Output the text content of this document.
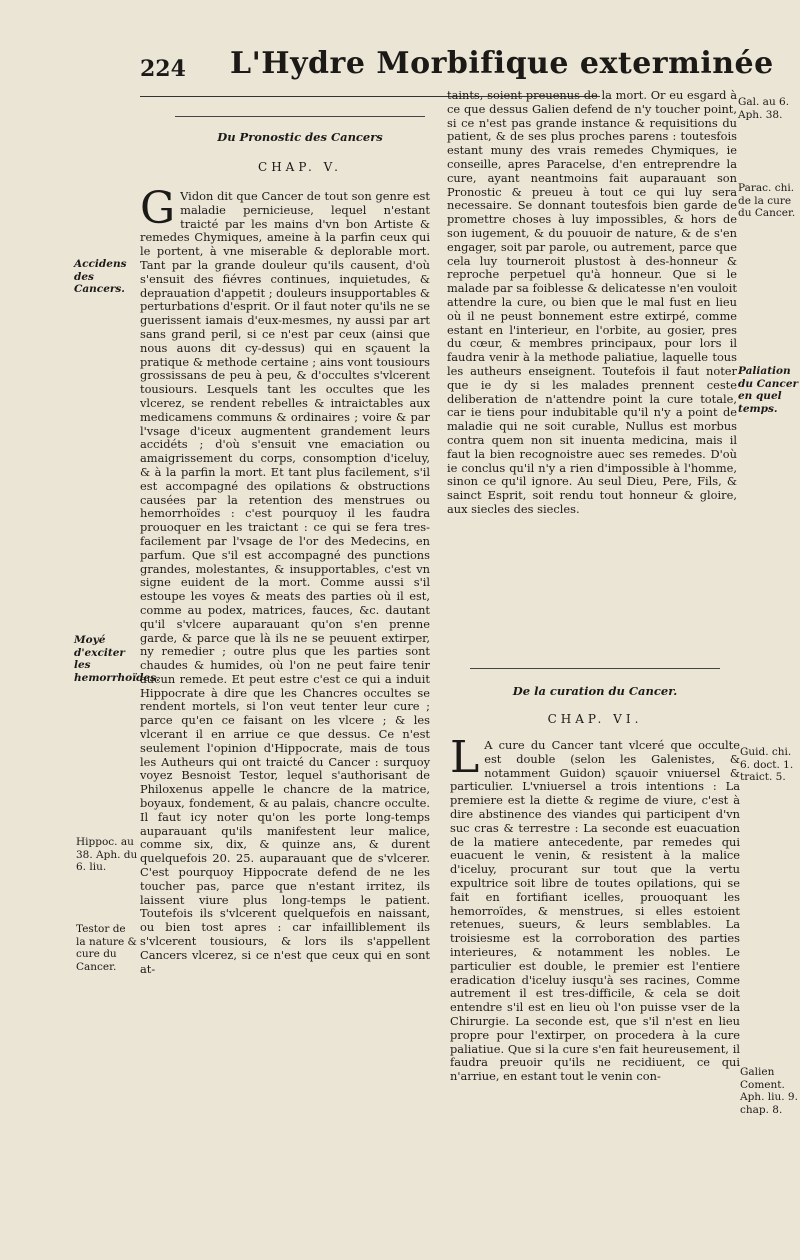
224 L'Hydre Morbifique exterminée
Du Pronostic des Cancers
CHAP. V.

G Vidon dit que Cancer de tout son genre est maladie pernicieuse, lequel n'estant traicté par les mains d'vn bon Artiste & remedes Chymiques, ameine à la parfin ceux qui le portent, à vne miserable & deplorable mort. Tant par la grande douleur qu'ils causent, d'où s'ensuit des fiévres continues, inquietudes, & deprauation d'appetit ; douleurs insupportables & perturbations d'esprit. Or il faut noter qu'ils ne se guerissent iamais d'eux-mesmes, ny aussi par art sans grand peril, si ce n'est par ceux (ainsi que nous auons dit cy-dessus) qui en sçauent la pratique & methode certaine ; ains vont tousiours grossissans de peu à peu, & d'occultes s'vlcerent tousiours. Lesquels tant les occultes que les vlcerez, se rendent rebelles & intraictables aux medicamens communs & ordinaires ; voire & par l'vsage d'iceux augmentent grandement leurs accidéts ; d'où s'ensuit vne emaciation ou amaigrissement du corps, consomption d'iceluy, & à la parfin la mort. Et tant plus facilement, s'il est accompagné des opilations & obstructions causées par la retention des menstrues ou hemorrhoïdes : c'est pourquoy il les faudra prouoquer en les traictant : ce qui se fera tres-facilement par l'vsage de l'or des Medecins, en parfum. Que s'il est accompagné des punctions grandes, molestantes, & insupportables, c'est vn signe euident de la mort. Comme aussi s'il estoupe les voyes & meats des parties où il est, comme au podex, matrices, fauces, &c. dautant qu'il s'vlcere auparauant qu'on s'en prenne garde, & parce que là ils ne se peuuent extirper, ny remedier ; outre plus que les parties sont chaudes & humides, où l'on ne peut faire tenir aucun remede. Et peut estre c'est ce qui a induit Hippocrate à dire que les Chancres occultes se rendent mortels, si l'on veut tenter leur cure ; parce qu'en ce faisant on les vlcere ; & les vlcerant il en arriue ce que dessus. Ce n'est seulement l'opinion d'Hippocrate, mais de tous les Autheurs qui ont traicté du Cancer : surquoy voyez Besnoist Testor, lequel s'authorisant de Philoxenus appelle le chancre de la matrice, boyaux, fondement, & au palais, chancre occulte. Il faut icy noter qu'on les porte long-temps auparauant qu'ils manifestent leur malice, comme six, dix, & quinze ans, & durent quelquefois 20. 25. auparauant que de s'vlcerer. C'est pourquoy Hippocrate defend de ne les toucher pas, parce que n'estant irritez, ils laissent viure plus long-temps le patient. Toutefois ils s'vlcerent quelquefois en naissant, ou bien tost apres : car infailliblement ils s'vlcerent tousiours, & lors ils s'appellent Cancers vlcerez, si ce n'est que ceux qui en sont at-

Accidens des Cancers.
Moyé d'exciter les hemorrhoïdes.
Hippoc. au 38. Aph. du 6. liu.
Testor de la nature & cure du Cancer.

taints, soient preuenus de la mort. Or eu esgard à ce que dessus Galien defend de n'y toucher point, si ce n'est pas grande instance & requisitions du patient, & de ses plus proches parens : toutesfois estant muny des vrais remedes Chymiques, ie conseille, apres Paracelse, d'en entreprendre la cure, ayant neantmoins fait auparauant son Pronostic & preueu à tout ce qui luy sera necessaire. Se donnant toutesfois bien garde de promettre choses à luy impossibles, & hors de son iugement, & du pouuoir de nature, & de s'en engager, soit par parole, ou autrement, parce que cela luy tourneroit plustost à des-honneur & reproche perpetuel qu'à honneur. Que si le malade par sa foiblesse & delicatesse n'en vouloit attendre la cure, ou bien que le mal fust en lieu où il ne peust bonnement estre extirpé, comme estant en l'interieur, en l'orbite, au gosier, pres du cœur, & membres principaux, pour lors il faudra venir à la methode paliatiue, laquelle tous les autheurs enseignent. Toutefois il faut noter que ie dy si les malades prennent ceste deliberation de n'attendre point la cure totale, car ie tiens pour indubitable qu'il n'y a point de maladie qui ne soit curable, Nullus est morbus contra quem non sit inuenta medicina, mais il faut la bien recognoistre auec ses remedes. D'où ie conclus qu'il n'y a rien d'impossible à l'homme, sinon ce qu'il ignore. Au seul Dieu, Pere, Fils, & sainct Esprit, soit rendu tout honneur & gloire, aux siecles des siecles.

De la curation du Cancer.
CHAP. VI.

L A cure du Cancer tant vlceré que occulte est double (selon les Galenistes, & notamment Guidon) sçauoir vniuersel & particulier. L'vniuersel a trois intentions : La premiere est la diette & regime de viure, c'est à dire abstinence des viandes qui participent d'vn suc cras & terrestre : La seconde est euacuation de la matiere antecedente, par remedes qui euacuent le venin, & resistent à la malice d'iceluy, procurant sur tout que la vertu expultrice soit libre de toutes opilations, qui se fait en fortifiant icelles, prouoquant les hemorroïdes, & menstrues, si elles estoient retenues, sueurs, & leurs semblables. La troisiesme est la corroboration des parties interieures, & notamment les nobles. Le particulier est double, le premier est l'entiere eradication d'iceluy iusqu'à ses racines, Comme autrement il est tres-difficile, & cela se doit entendre s'il est en lieu où l'on puisse vser de la Chirurgie. La seconde est, que s'il n'est en lieu propre pour l'extirper, on procedera à la cure paliatiue. Que si la cure s'en fait heureusement, il faudra preuoir qu'ils ne recidiuent, ce qui n'arriue, en estant tout le venin con-

Gal. au 6. Aph. 38.
Parac. chi. de la cure du Cancer.
Paliation du Cancer en quel temps.
Guid. chi. 6. doct. 1. traict. 5.
Galien Coment. Aph. liu. 9. chap. 8.
